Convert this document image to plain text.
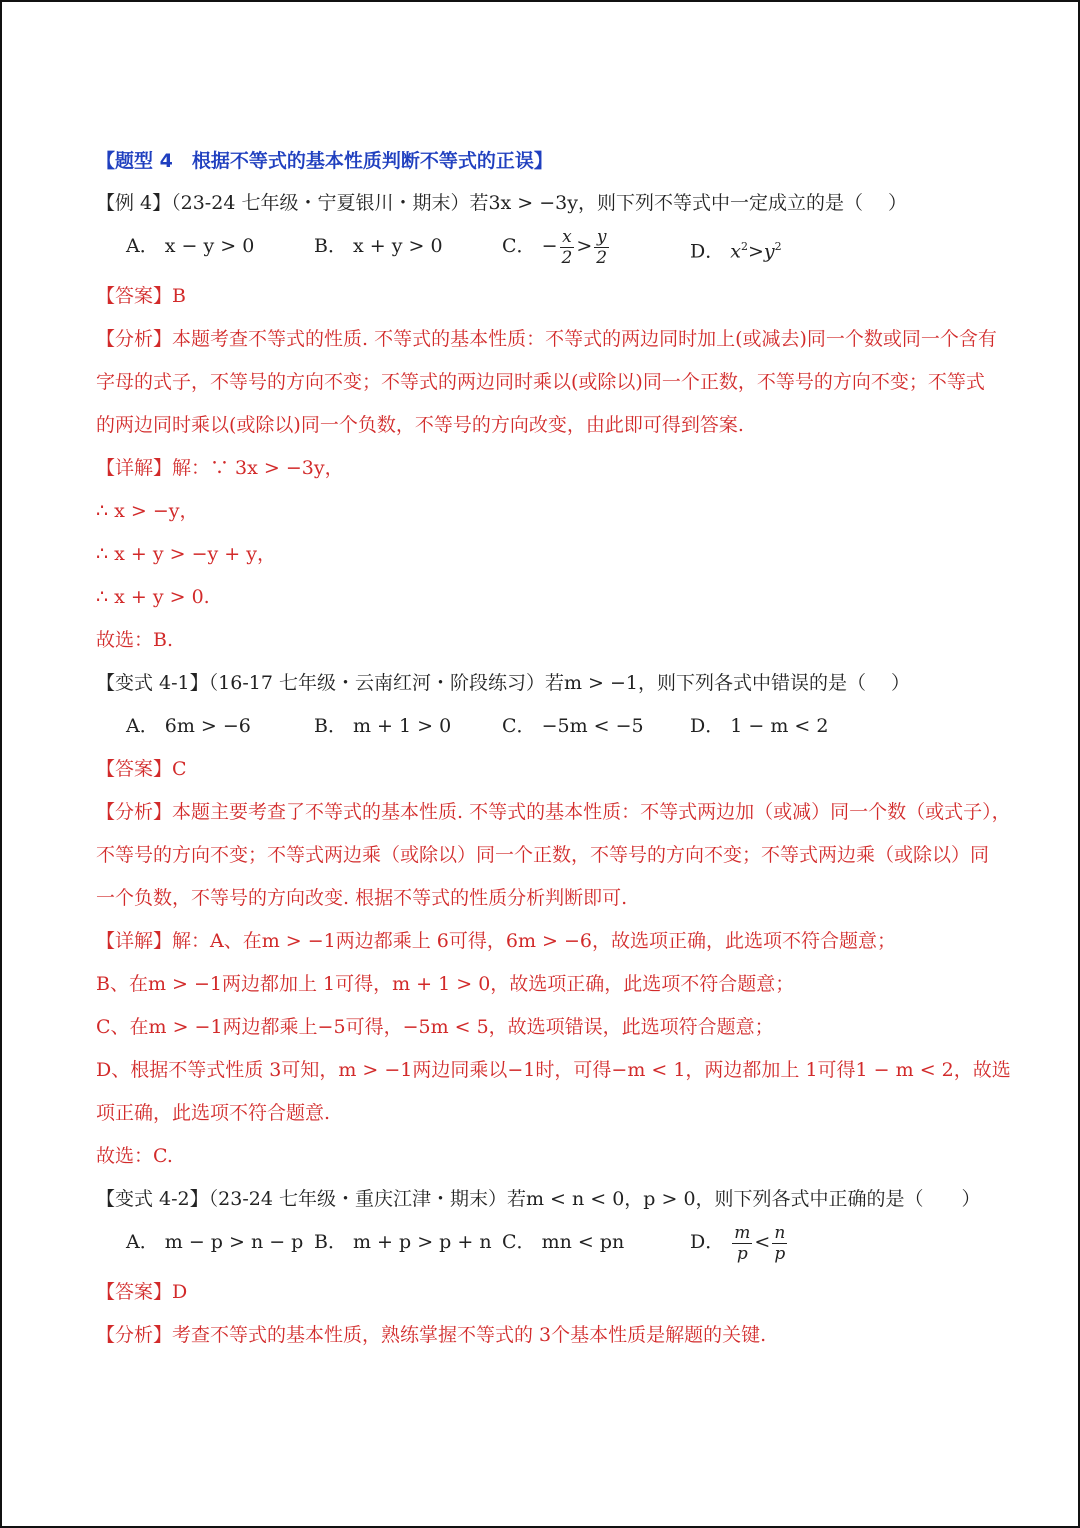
【题型 4　根据不等式的基本性质判断不等式的正误】
【例 4】（23-24 七年级・宁夏银川・期末）若3x > −3y，则下列不等式中一定成立的是（　 ）
A． x − y > 0	B． x + y > 0	C． − $\frac{x}{2} > \frac{y}{2}$	D． $x^2>y^2$
【答案】B
【分析】本题考查不等式的性质. 不等式的基本性质：不等式的两边同时加上(或减去)同一个数或同一个含有
字母的式子，不等号的方向不变；不等式的两边同时乘以(或除以)同一个正数，不等号的方向不变；不等式
的两边同时乘以(或除以)同一个负数，不等号的方向改变，由此即可得到答案.
【详解】解：∵ 3x > −3y，
∴ x > −y，
∴ x + y > −y + y，
∴ x + y > 0.
故选：B.
【变式 4-1】（16-17 七年级・云南红河・阶段练习）若m > −1，则下列各式中错误的是（　 ）
A． 6m > −6	B． m + 1 > 0	C． −5m < −5 D． 1 − m < 2
【答案】C
【分析】本题主要考查了不等式的基本性质. 不等式的基本性质：不等式两边加（或减）同一个数（或式子），
不等号的方向不变；不等式两边乘（或除以）同一个正数，不等号的方向不变；不等式两边乘（或除以）同
一个负数，不等号的方向改变. 根据不等式的性质分析判断即可.
【详解】解：A、在m > −1两边都乘上 6可得，6m > −6，故选项正确，此选项不符合题意；
B、在m > −1两边都加上 1可得，m + 1 > 0，故选项正确，此选项不符合题意；
C、在m > −1两边都乘上−5可得，−5m < 5，故选项错误，此选项符合题意；
D、根据不等式性质 3可知，m > −1两边同乘以−1时，可得−m < 1，两边都加上 1可得1 − m < 2，故选
项正确，此选项不符合题意.
故选：C.
【变式 4-2】（23-24 七年级・重庆江津・期末）若m < n < 0，p > 0，则下列各式中正确的是（　　）
A． m − p > n − p B． m + p > p + n C． mn < pn	D． $\frac{m}{p} < \frac{n}{p}$
【答案】D
【分析】考查不等式的基本性质，熟练掌握不等式的 3个基本性质是解题的关键.
